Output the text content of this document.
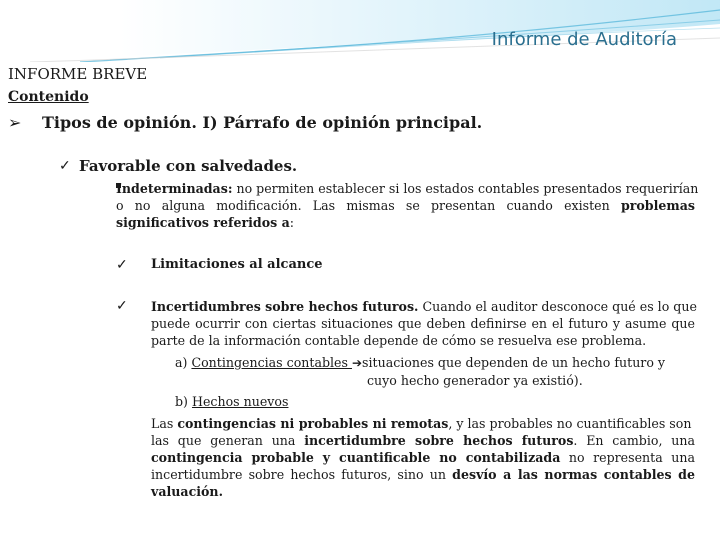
Informe de Auditoría
INFORME BREVE
Contenido
➢ Tipos de opinión. I) Párrafo de opinión principal.
✓ Favorable con salvedades.
Indeterminadas: no permiten establecer si los estados contables presentados requerirían
o no alguna modificación. Las mismas se presentan cuando existen problemas
significativos referidos a:
✓ Limitaciones al alcance
✓ Incertidumbres sobre hechos futuros. Cuando el auditor desconoce qué es lo que
puede ocurrir con ciertas situaciones que deben definirse en el futuro y asume que
parte de la información contable depende de cómo se resuelva ese problema.
a) Contingencias contables ➔situaciones que dependen de un hecho futuro y
cuyo hecho generador ya existió).
b) Hechos nuevos
Las contingencias ni probables ni remotas, y las probables no cuantificables son
las que generan una incertidumbre sobre hechos futuros. En cambio, una
contingencia probable y cuantificable no contabilizada no representa una
incertidumbre sobre hechos futuros, sino un desvío a las normas contables de
valuación.
